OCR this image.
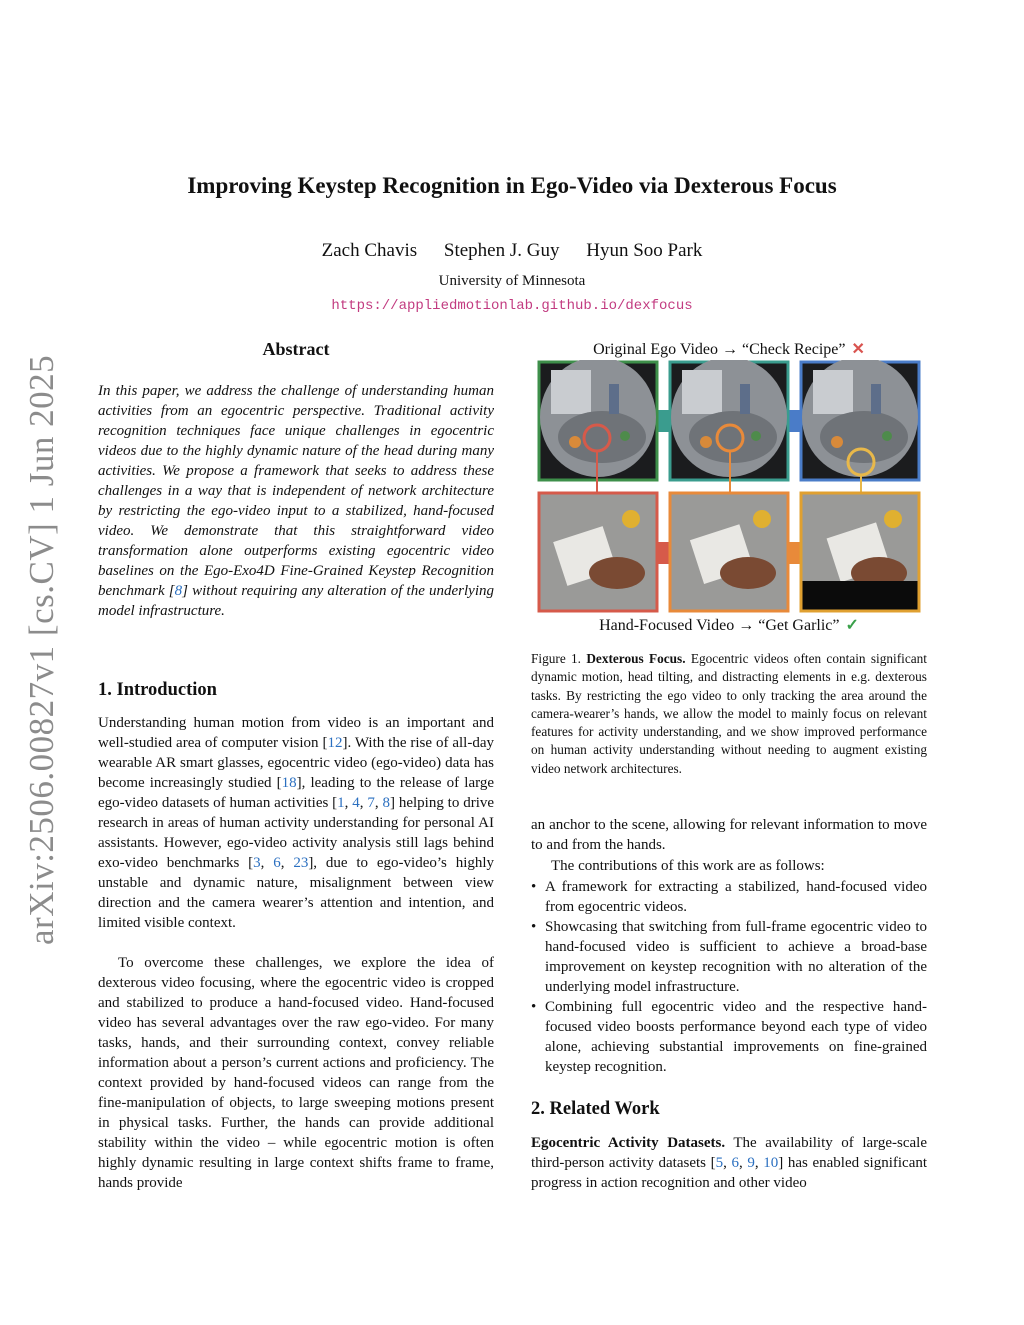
arXiv:2506.00827v1 [cs.CV] 1 Jun 2025
Improving Keystep Recognition in Ego-Video via Dexterous Focus
Zach Chavis Stephen J. Guy Hyun Soo Park
University of Minnesota
https://appliedmotionlab.github.io/dexfocus
Abstract
In this paper, we address the challenge of understanding human activities from an egocentric perspective. Traditional activity recognition techniques face unique challenges in egocentric videos due to the highly dynamic nature of the head during many activities. We propose a framework that seeks to address these challenges in a way that is independent of network architecture by restricting the ego-video input to a stabilized, hand-focused video. We demonstrate that this straightforward video transformation alone outperforms existing egocentric video baselines on the Ego-Exo4D Fine-Grained Keystep Recognition benchmark [8] without requiring any alteration of the underlying model infrastructure.
1. Introduction
Understanding human motion from video is an important and well-studied area of computer vision [12]. With the rise of all-day wearable AR smart glasses, egocentric video (ego-video) data has become increasingly studied [18], leading to the release of large ego-video datasets of human activities [1, 4, 7, 8] helping to drive research in areas of human activity understanding for personal AI assistants. However, ego-video activity analysis still lags behind exo-video benchmarks [3, 6, 23], due to ego-video’s highly unstable and dynamic nature, misalignment between view direction and the camera wearer’s attention and intention, and limited visible context.
To overcome these challenges, we explore the idea of dexterous video focusing, where the egocentric video is cropped and stabilized to produce a hand-focused video. Hand-focused video has several advantages over the raw ego-video. For many tasks, hands, and their surrounding context, convey reliable information about a person’s current actions and proficiency. The context provided by hand-focused videos can range from the fine-manipulation of objects, to large sweeping motions present in physical tasks. Further, the hands can provide additional stability within the video – while egocentric motion is often highly dynamic resulting in large context shifts frame to frame, hands provide
Original Ego Video → “Check Recipe” ✕
Hand-Focused Video → “Get Garlic” ✓
Figure 1. Dexterous Focus. Egocentric videos often contain significant dynamic motion, head tilting, and distracting elements in e.g. dexterous tasks. By restricting the ego video to only tracking the area around the camera-wearer’s hands, we allow the model to mainly focus on relevant features for activity understanding, and we show improved performance on human activity understanding without needing to augment existing video network architectures.
an anchor to the scene, allowing for relevant information to move to and from the hands.
The contributions of this work are as follows:
• A framework for extracting a stabilized, hand-focused video from egocentric videos.
• Showcasing that switching from full-frame egocentric video to hand-focused video is sufficient to achieve a broad-base improvement on keystep recognition with no alteration of the underlying model infrastructure.
• Combining full egocentric video and the respective hand-focused video boosts performance beyond each type of video alone, achieving substantial improvements on fine-grained keystep recognition.
2. Related Work
Egocentric Activity Datasets. The availability of large-scale third-person activity datasets [5, 6, 9, 10] has enabled significant progress in action recognition and other video
